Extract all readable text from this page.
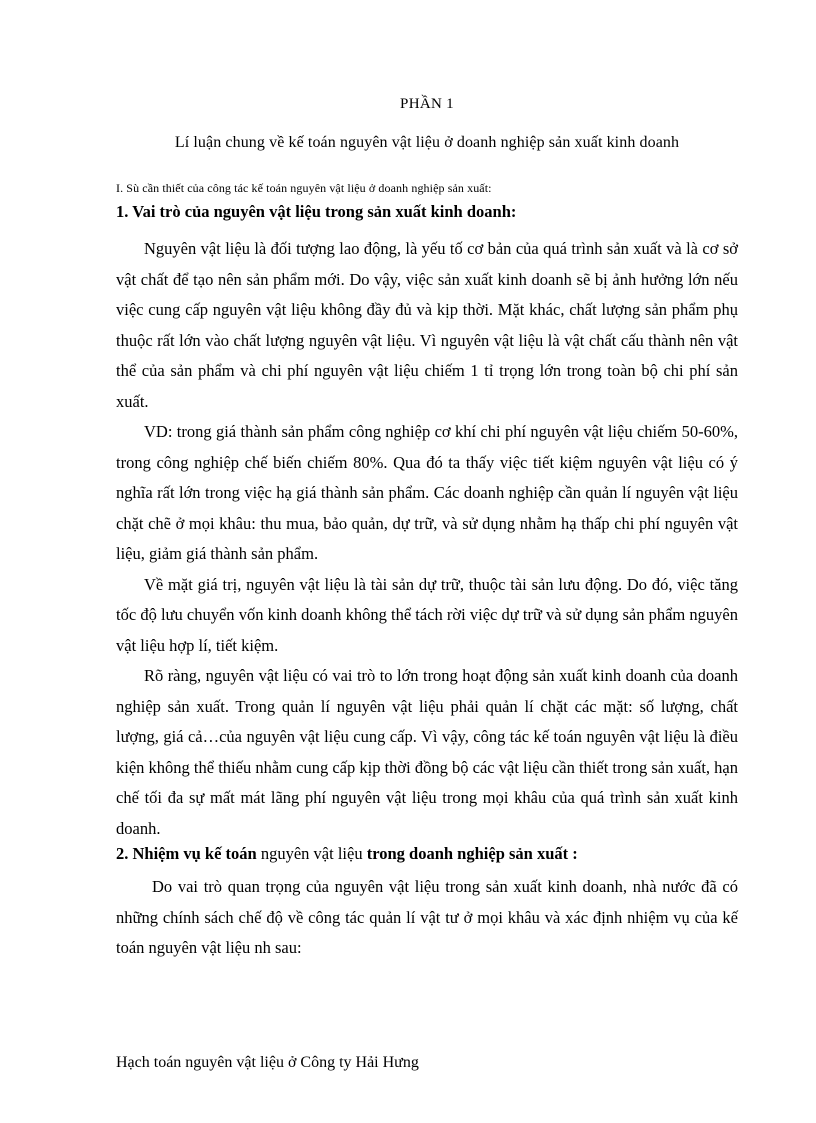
PHẦN 1
Lí luận chung về kế toán nguyên vật liệu ở doanh nghiệp sản xuất kinh doanh
I. Sù cần thiết của công tác kế toán nguyên vật liệu ở doanh nghiệp sản xuất:
1. Vai trò của nguyên vật liệu trong sản xuất kinh doanh:

Nguyên vật liệu là đối tượng lao động, là yếu tố cơ bản của quá trình sản xuất và là cơ sở vật chất để tạo nên sản phẩm mới. Do vậy, việc sản xuất kinh doanh sẽ bị ảnh hưởng lớn nếu việc cung cấp nguyên vật liệu không đầy đủ và kịp thời. Mặt khác, chất lượng sản phẩm phụ thuộc rất lớn vào chất lượng nguyên vật liệu. Vì nguyên vật liệu là vật chất cấu thành nên vật thể của sản phẩm và chi phí nguyên vật liệu chiếm 1 tỉ trọng lớn trong toàn bộ chi phí sản xuất.

VD: trong giá thành sản phẩm công nghiệp cơ khí chi phí nguyên vật liệu chiếm 50-60%, trong công nghiệp chế biến chiếm 80%. Qua đó ta thấy việc tiết kiệm nguyên vật liệu có ý nghĩa rất lớn trong việc hạ giá thành sản phẩm. Các doanh nghiệp cần quản lí nguyên vật liệu chặt chẽ ở mọi khâu: thu mua, bảo quản, dự trữ, và sử dụng nhằm hạ thấp chi phí nguyên vật liệu, giảm giá thành sản phẩm.

Về mặt giá trị, nguyên vật liệu là tài sản dự trữ, thuộc tài sản lưu động. Do đó, việc tăng tốc độ lưu chuyển vốn kinh doanh không thể tách rời việc dự trữ và sử dụng sản phẩm nguyên vật liệu hợp lí, tiết kiệm.

Rõ ràng, nguyên vật liệu có vai trò to lớn trong hoạt động sản xuất kinh doanh của doanh nghiệp sản xuất. Trong quản lí nguyên vật liệu phải quản lí chặt các mặt: số lượng, chất lượng, giá cả…của nguyên vật liệu cung cấp. Vì vậy, công tác kế toán nguyên vật liệu là điều kiện không thể thiếu nhằm cung cấp kịp thời đồng bộ các vật liệu cần thiết trong sản xuất, hạn chế tối đa sự mất mát lãng phí nguyên vật liệu trong mọi khâu của quá trình sản xuất kinh doanh.

2. Nhiệm vụ kế toán nguyên vật liệu trong doanh nghiệp sản xuất :

Do vai trò quan trọng của nguyên vật liệu trong sản xuất kinh doanh, nhà nước đã có những chính sách chế độ về công tác quản lí vật tư ở mọi khâu và xác định nhiệm vụ của kế toán nguyên vật liệu nh sau:

Hạch toán nguyên vật liệu ở Công ty Hải Hưng
